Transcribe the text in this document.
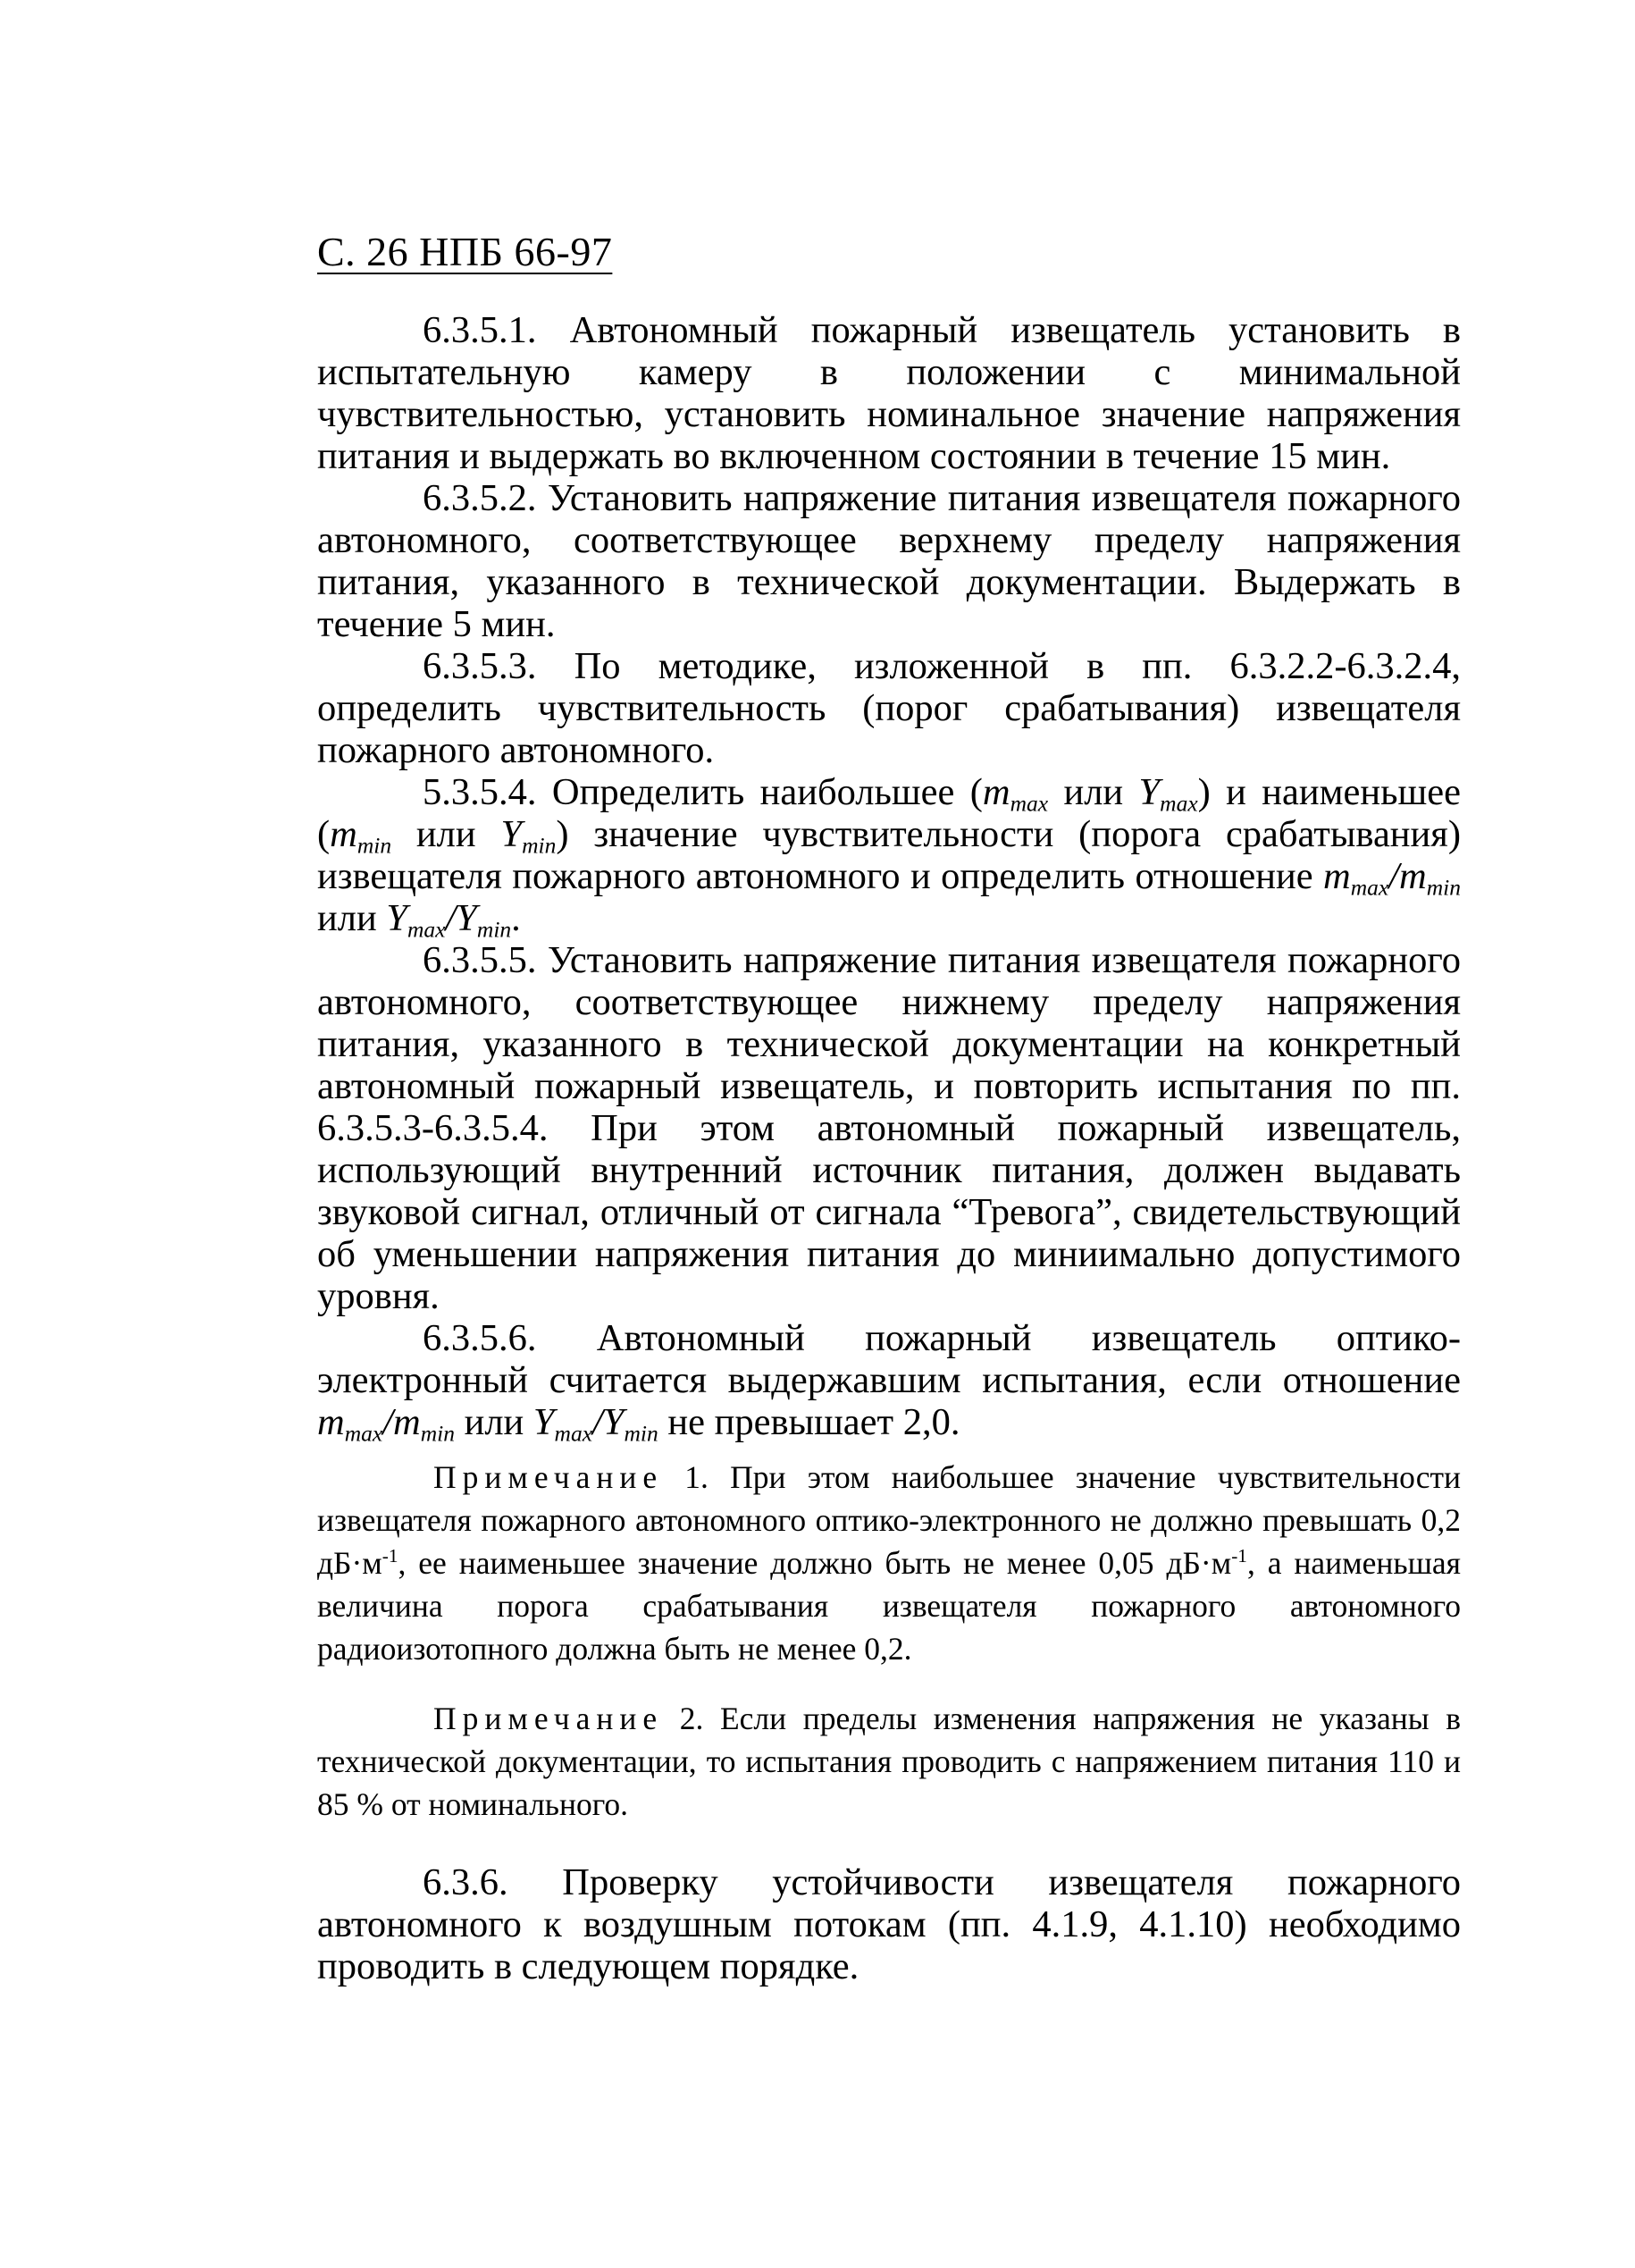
С. 26 НПБ 66-97

6.3.5.1. Автономный пожарный извещатель установить в испытательную камеру в положении с минимальной чувствительностью, установить номинальное значение напряжения питания и выдержать во включенном состоянии в течение 15 мин.

6.3.5.2. Установить напряжение питания извещателя пожарного автономного, соответствующее верхнему пределу напряжения питания, указанного в технической документации. Выдержать в течение 5 мин.

6.3.5.3. По методике, изложенной в пп. 6.3.2.2-6.3.2.4, определить чувствительность (порог срабатывания) извещателя пожарного автономного.

5.3.5.4. Определить наибольшее ($m_{max}$ или $Y_{max}$) и наименьшее ($m_{min}$ или $Y_{min}$) значение чувствительности (порога срабатывания) извещателя пожарного автономного и определить отношение $m_{max}/m_{min}$ или $Y_{max}/Y_{min}$.

6.3.5.5. Установить напряжение питания извещателя пожарного автономного, соответствующее нижнему пределу напряжения питания, указанного в технической документации на конкретный автономный пожарный извещатель, и повторить испытания по пп. 6.3.5.3-6.3.5.4. При этом автономный пожарный извещатель, использующий внутренний источник питания, должен выдавать звуковой сигнал, отличный от сигнала “Тревога”, свидетельствующий об уменьшении напряжения питания до миниимально допустимого уровня.

6.3.5.6. Автономный пожарный извещатель оптико-электронный считается выдержавшим испытания, если отношение $m_{max}/m_{min}$ или $Y_{max}/Y_{min}$ не превышает 2,0.

Примечание 1. При этом наибольшее значение чувствительности извещателя пожарного автономного оптико-электронного не должно превышать 0,2 $дБ\cdot м^{-1}$, ее наименьшее значение должно быть не менее 0,05 $дБ\cdot м^{-1}$, а наименьшая величина порога срабатывания извещателя пожарного автономного радиоизотопного должна быть не менее 0,2.

Примечание 2. Если пределы изменения напряжения не указаны в технической документации, то испытания проводить с напряжением питания 110 и 85 % от номинального.

6.3.6. Проверку устойчивости извещателя пожарного автономного к воздушным потокам (пп. 4.1.9, 4.1.10) необходимо проводить в следующем порядке.
